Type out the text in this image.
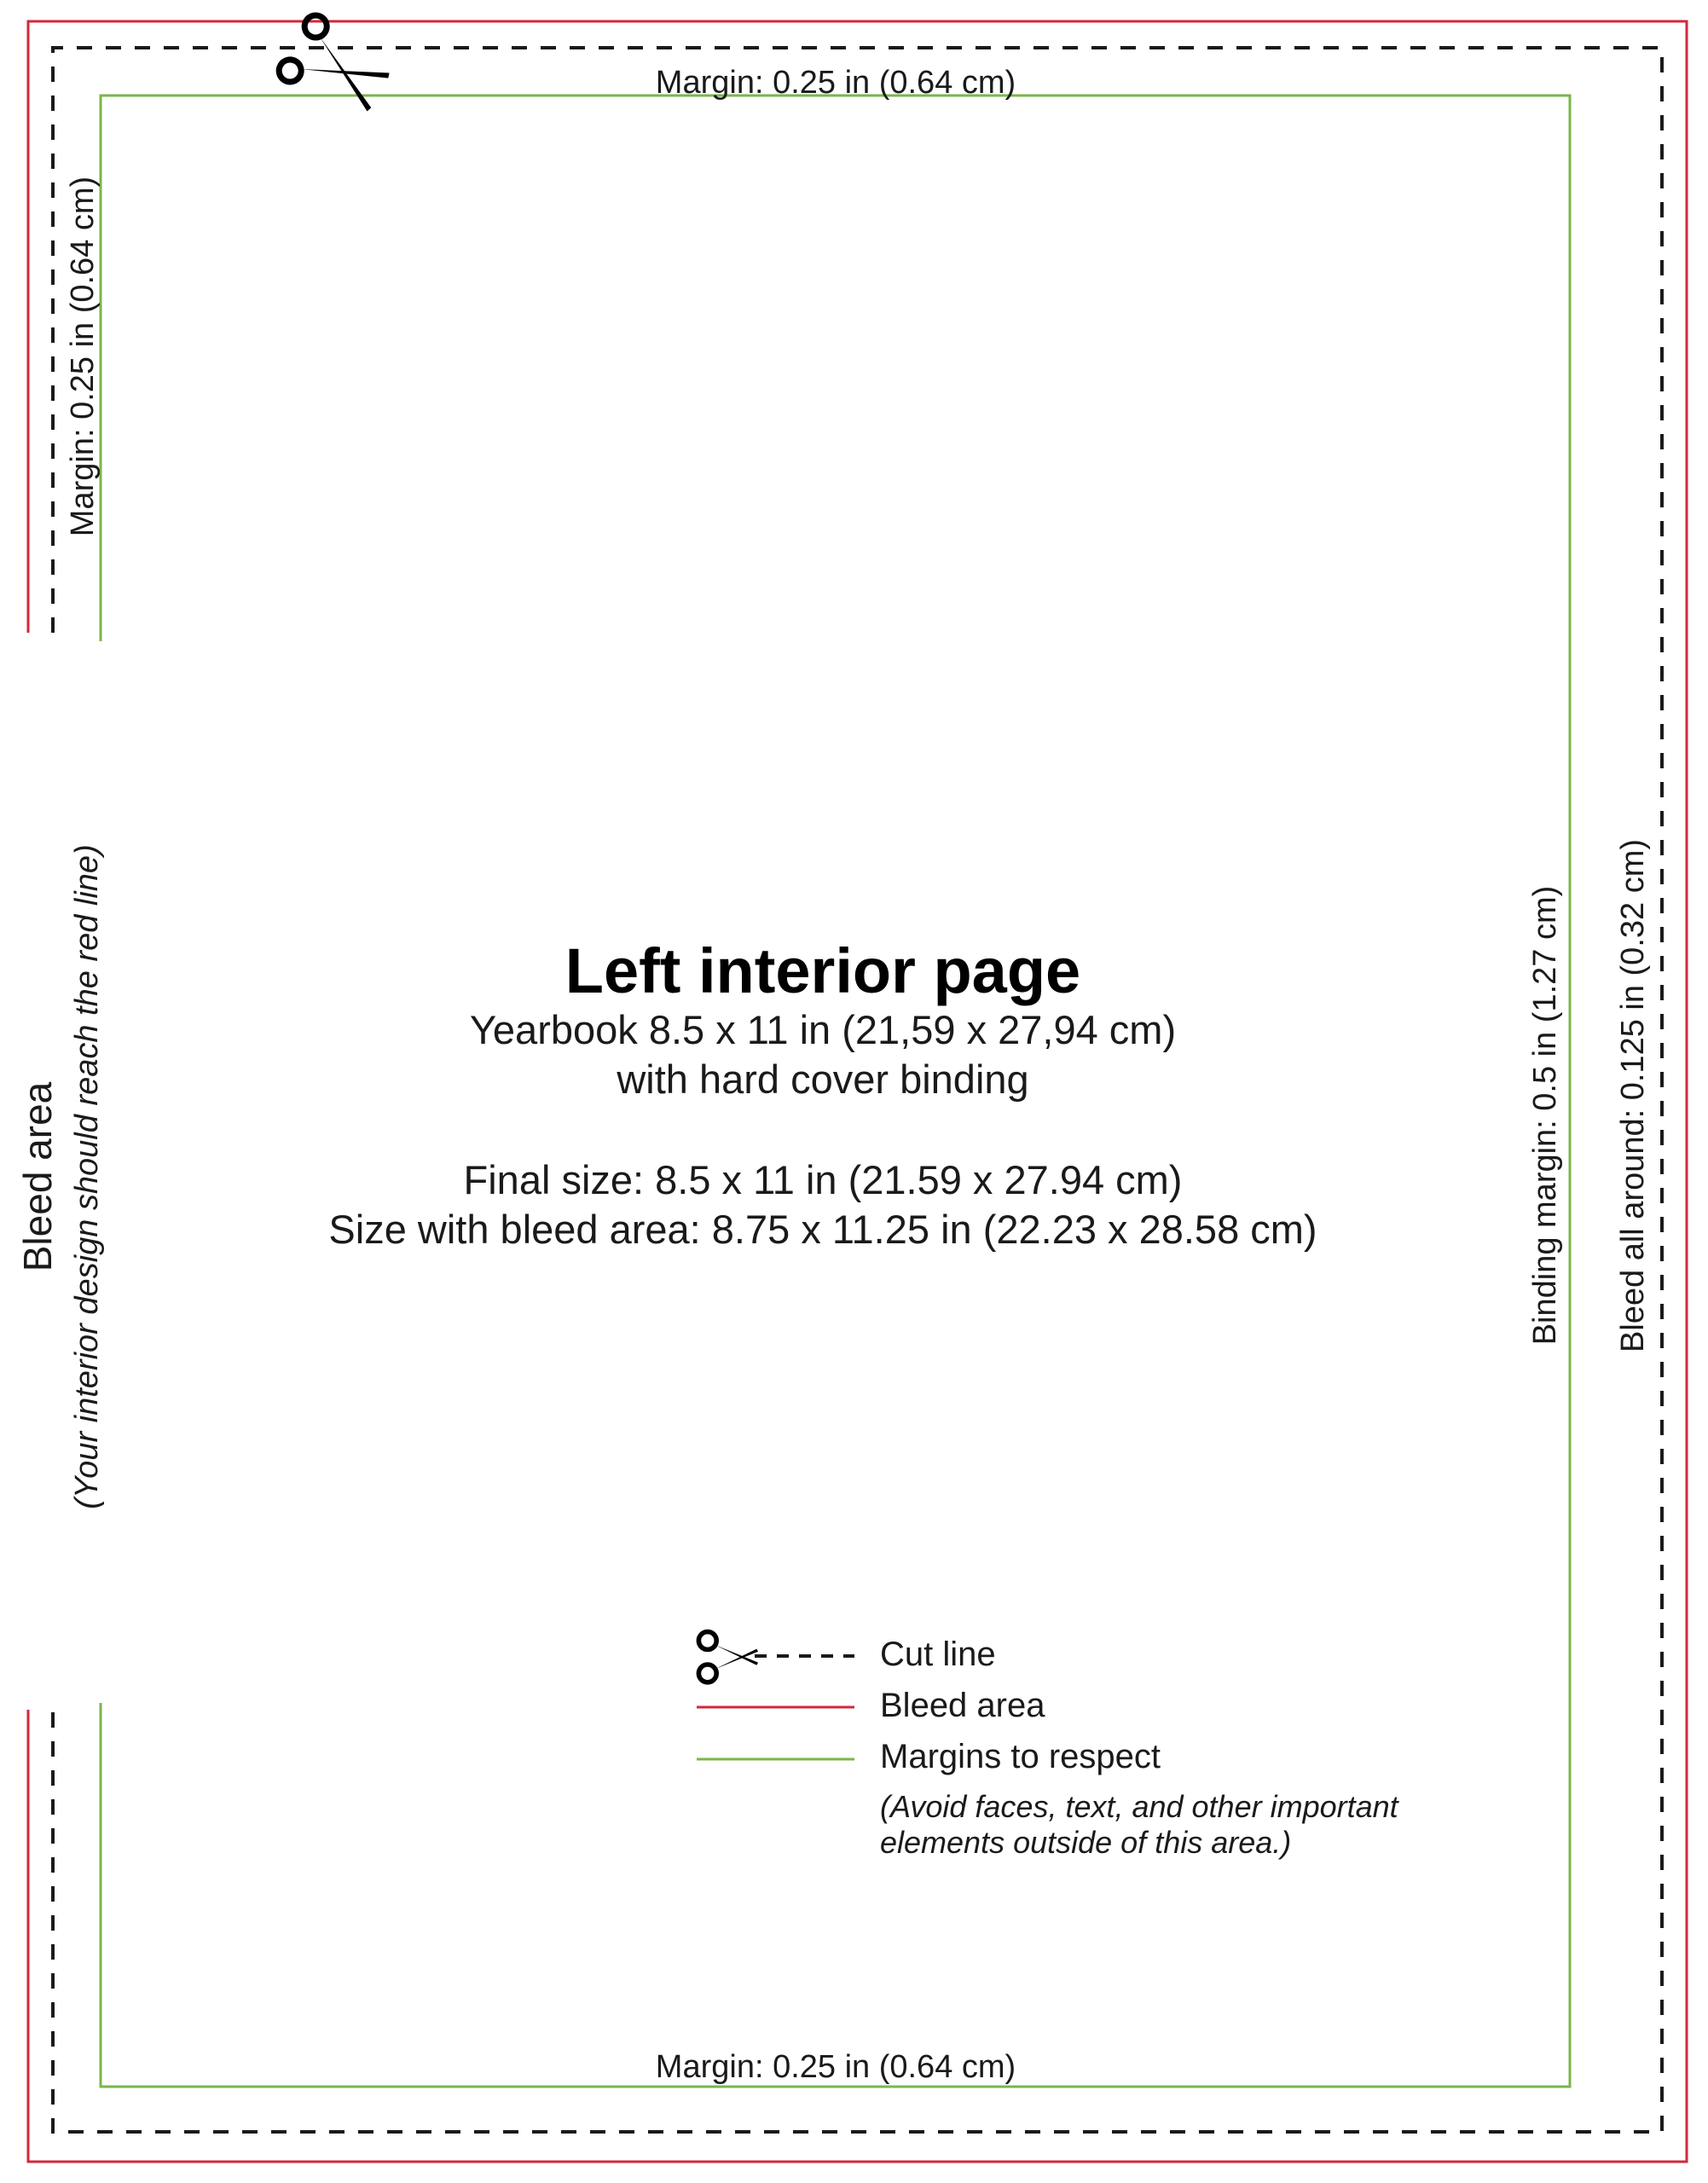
Margin: 0.25 in (0.64 cm)
Margin: 0.25 in (0.64 cm)
Margin: 0.25 in (0.64 cm)
Bleed area (Your interior design should reach the red line)	Binding margin: 0.5 in (1.27 cm) Bleed all around: 0.125 in (0.32 cm)
Left interior page
Yearbook 8.5 x 11 in (21,59 x 27,94 cm)
with hard cover binding
Final size: 8.5 x 11 in (21.59 x 27.94 cm)
Size with bleed area: 8.75 x 11.25 in (22.23 x 28.58 cm)
Cut line
Bleed area
Margins to respect
(Avoid faces, text, and other important
elements outside of this area.)
